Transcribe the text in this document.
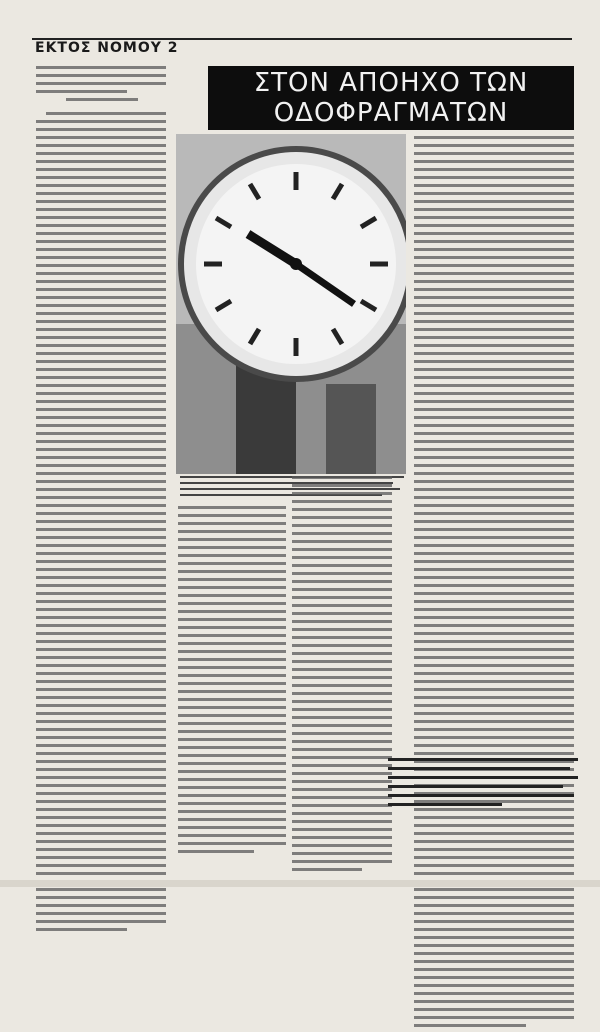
ΕΚΤΟΣ ΝΟΜΟΥ 2
ΣΤΟΝ ΑΠΟΗΧΟ ΤΩΝ
ΟΔΟΦΡΑΓΜΑΤΩΝ
